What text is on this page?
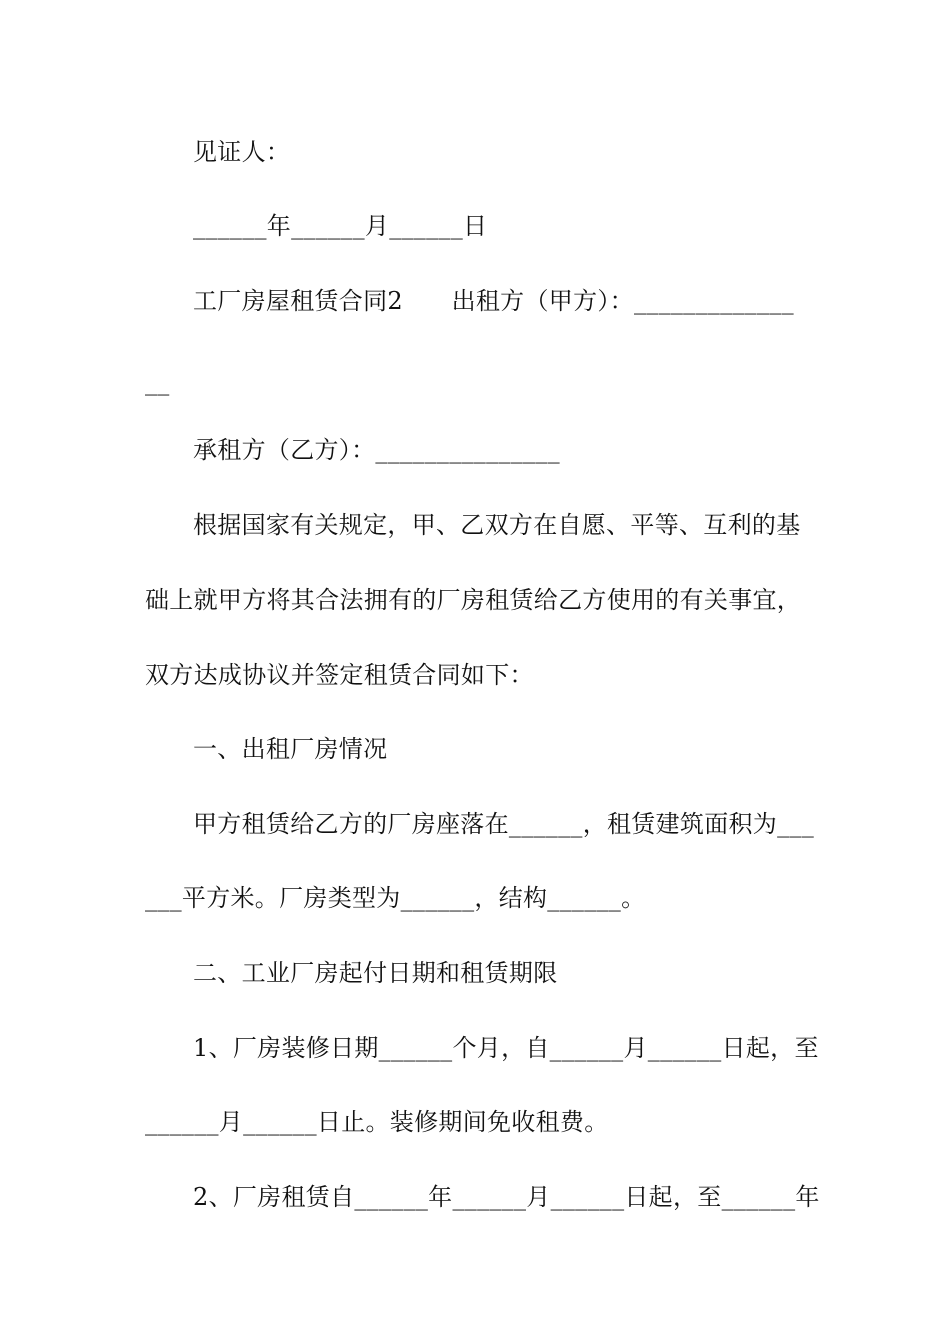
见证人：
______年______月______日
工厂房屋租赁合同2　　出租方（甲方）：_____________
__
承租方（乙方）：_______________
根据国家有关规定，甲、乙双方在自愿、平等、互利的基
础上就甲方将其合法拥有的厂房租赁给乙方使用的有关事宜，
双方达成协议并签定租赁合同如下：
一、出租厂房情况
甲方租赁给乙方的厂房座落在______，租赁建筑面积为___
___平方米。厂房类型为______，结构______。
二、工业厂房起付日期和租赁期限
1、厂房装修日期______个月，自______月______日起，至
______月______日止。装修期间免收租费。
2、厂房租赁自______年______月______日起，至______年
